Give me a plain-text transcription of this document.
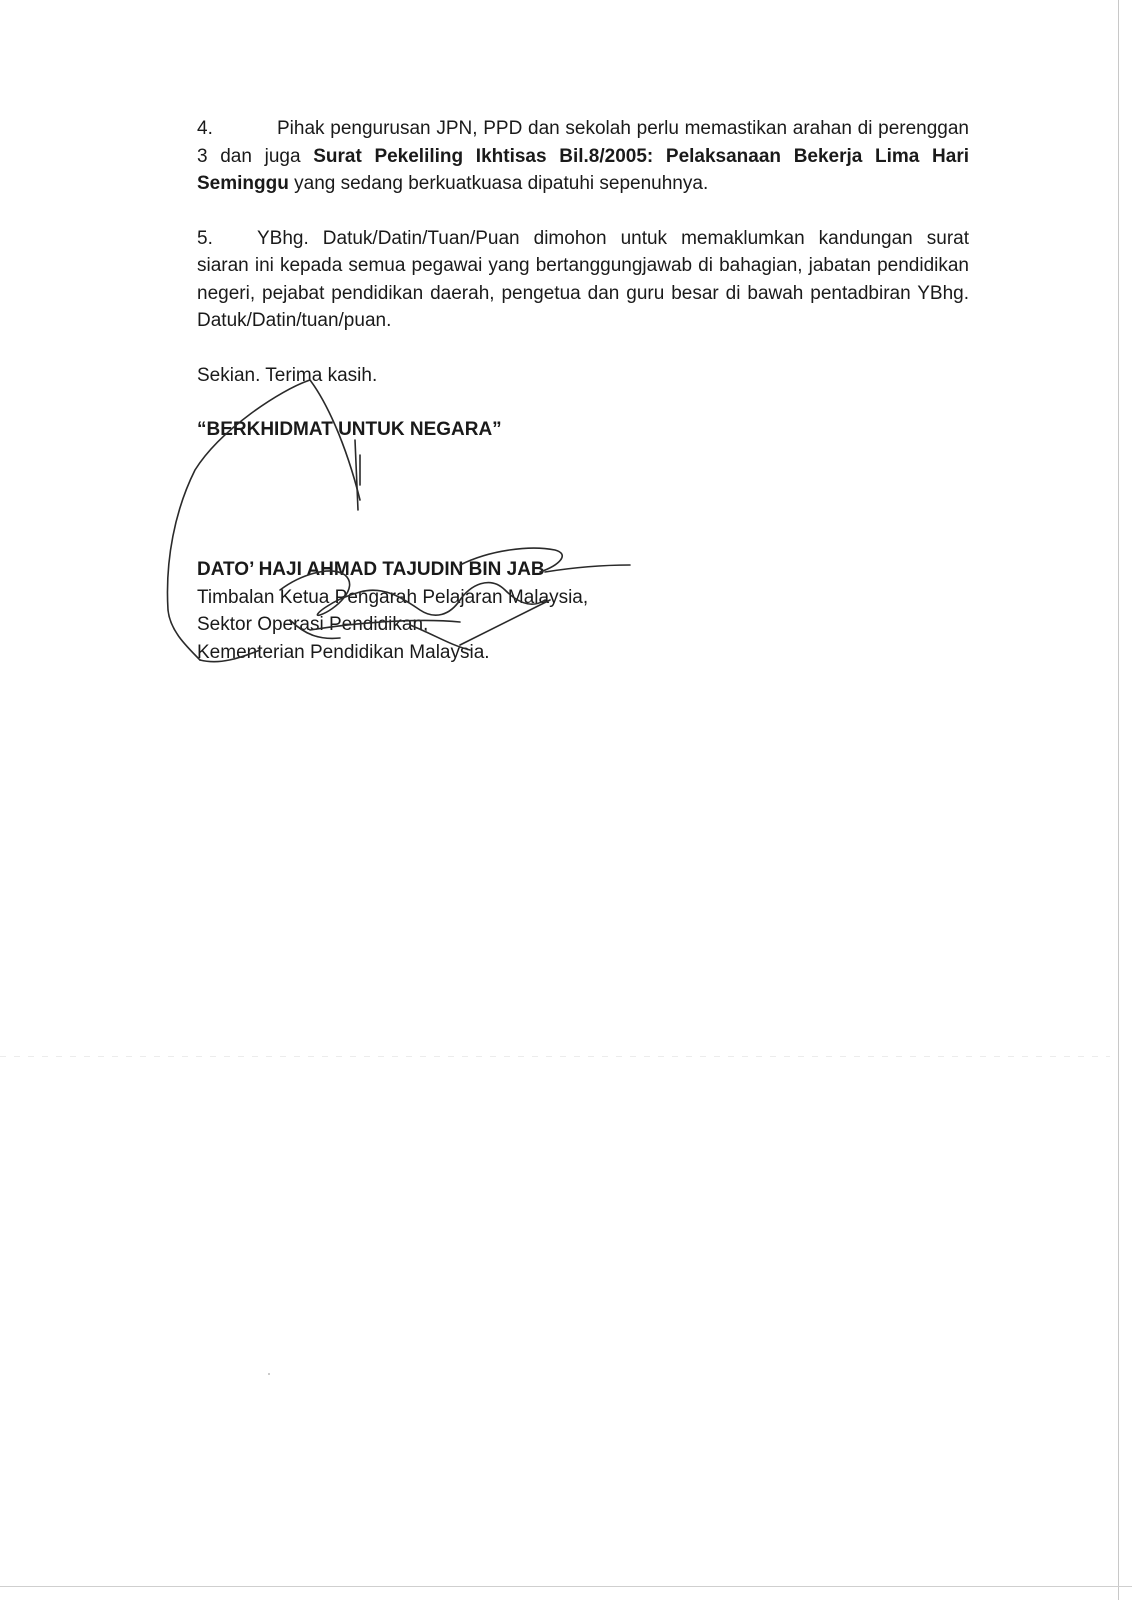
4.	Pihak pengurusan JPN, PPD dan sekolah perlu memastikan arahan di perenggan 3 dan juga Surat Pekeliling Ikhtisas Bil.8/2005: Pelaksanaan Bekerja Lima Hari Seminggu yang sedang berkuatkuasa dipatuhi sepenuhnya.

5. YBhg. Datuk/Datin/Tuan/Puan dimohon untuk memaklumkan kandungan surat siaran ini kepada semua pegawai yang bertanggungjawab di bahagian, jabatan pendidikan negeri, pejabat pendidikan daerah, pengetua dan guru besar di bawah pentadbiran YBhg. Datuk/Datin/tuan/puan.

Sekian. Terima kasih.

“BERKHIDMAT UNTUK NEGARA”

DATO’ HAJI AHMAD TAJUDIN BIN JAB
Timbalan Ketua Pengarah Pelajaran Malaysia,
Sektor Operasi Pendidikan,
Kementerian Pendidikan Malaysia.
